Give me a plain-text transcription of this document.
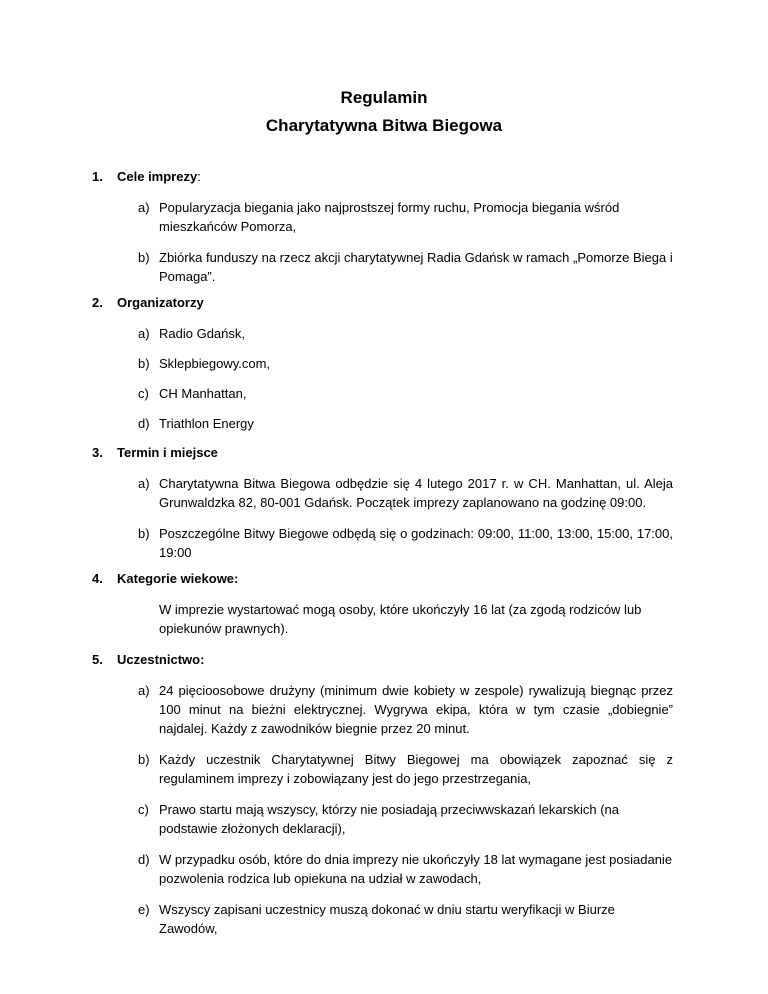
Regulamin
Charytatywna Bitwa Biegowa
1. Cele imprezy:
a) Popularyzacja biegania jako najprostszej formy ruchu, Promocja biegania wśród mieszkańców Pomorza,
b) Zbiórka funduszy na rzecz akcji charytatywnej Radia Gdańsk w ramach „Pomorze Biega i Pomaga”.
2. Organizatorzy
a) Radio Gdańsk,
b) Sklepbiegowy.com,
c) CH Manhattan,
d) Triathlon Energy
3. Termin i miejsce
a) Charytatywna Bitwa Biegowa odbędzie się 4 lutego 2017 r. w CH. Manhattan, ul. Aleja Grunwaldzka 82, 80-001 Gdańsk. Początek imprezy zaplanowano na godzinę 09:00.
b) Poszczególne Bitwy Biegowe odbędą się o godzinach: 09:00, 11:00, 13:00, 15:00, 17:00, 19:00
4. Kategorie wiekowe:
W imprezie wystartować mogą osoby, które ukończyły 16 lat (za zgodą rodziców lub opiekunów prawnych).
5. Uczestnictwo:
a) 24 pięcioosobowe drużyny (minimum dwie kobiety w zespole) rywalizują biegnąc przez 100 minut na bieżni elektrycznej. Wygrywa ekipa, która w tym czasie „dobiegnie” najdalej. Każdy z zawodników biegnie przez 20 minut.
b) Każdy uczestnik Charytatywnej Bitwy Biegowej ma obowiązek zapoznać się z regulaminem imprezy i zobowiązany jest do jego przestrzegania,
c) Prawo startu mają wszyscy, którzy nie posiadają przeciwwskazań lekarskich (na podstawie złożonych deklaracji),
d) W przypadku osób, które do dnia imprezy nie ukończyły 18 lat wymagane jest posiadanie pozwolenia rodzica lub opiekuna na udział w zawodach,
e) Wszyscy zapisani uczestnicy muszą dokonać w dniu startu weryfikacji w Biurze Zawodów,
